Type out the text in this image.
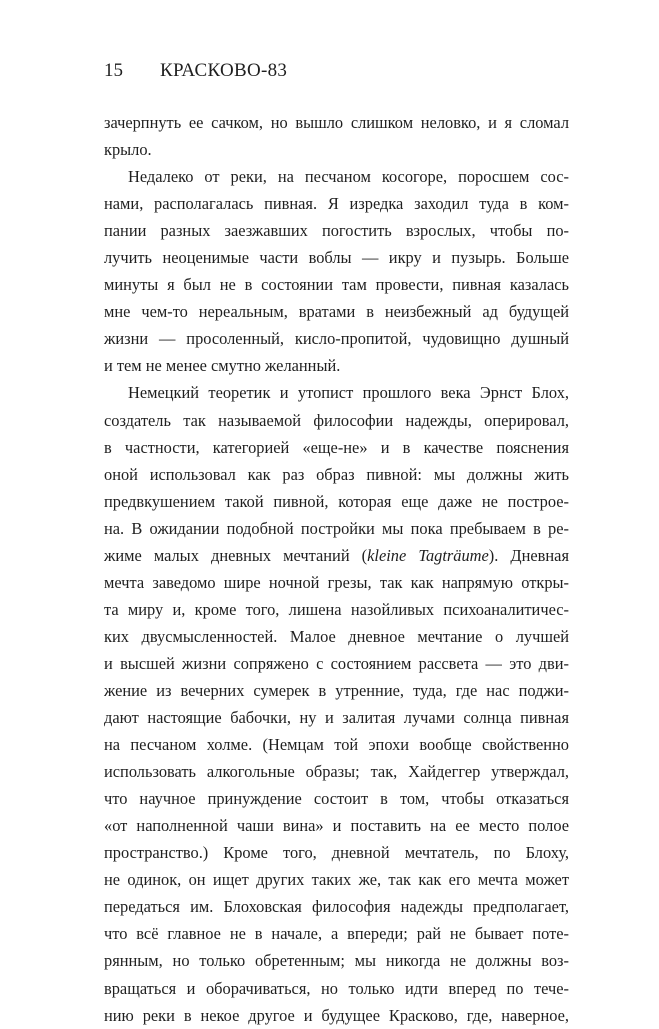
15 КРАСКОВО-83
зачерпнуть ее сачком, но вышло слишком неловко, и я сломал
крыло.
Недалеко от реки, на песчаном косогоре, поросшем сос-
нами, располагалась пивная. Я изредка заходил туда в ком-
пании разных заезжавших погостить взрослых, чтобы по-
лучить неоценимые части воблы — икру и пузырь. Больше
минуты я был не в состоянии там провести, пивная казалась
мне чем-то нереальным, вратами в неизбежный ад будущей
жизни — просоленный, кисло-пропитой, чудовищно душный
и тем не менее смутно желанный.
Немецкий теоретик и утопист прошлого века Эрнст Блох,
создатель так называемой философии надежды, оперировал,
в частности, категорией «еще-не» и в качестве пояснения
оной использовал как раз образ пивной: мы должны жить
предвкушением такой пивной, которая еще даже не построе-
на. В ожидании подобной постройки мы пока пребываем в ре-
жиме малых дневных мечтаний (kleine Tagträume). Дневная
мечта заведомо шире ночной грезы, так как напрямую откры-
та миру и, кроме того, лишена назойливых психоаналитичес-
ких двусмысленностей. Малое дневное мечтание о лучшей
и высшей жизни сопряжено с состоянием рассвета — это дви-
жение из вечерних сумерек в утренние, туда, где нас поджи-
дают настоящие бабочки, ну и залитая лучами солнца пивная
на песчаном холме. (Немцам той эпохи вообще свойственно
использовать алкогольные образы; так, Хайдеггер утверждал,
что научное принуждение состоит в том, чтобы отказаться
«от наполненной чаши вина» и поставить на ее место полое
пространство.) Кроме того, дневной мечтатель, по Блоху,
не одинок, он ищет других таких же, так как его мечта может
передаться им. Блоховская философия надежды предполагает,
что всё главное не в начале, а впереди; рай не бывает поте-
рянным, но только обретенным; мы никогда не должны воз-
вращаться и оборачиваться, но только идти вперед по тече-
нию реки в некое другое и будущее Красково, где, наверное,
